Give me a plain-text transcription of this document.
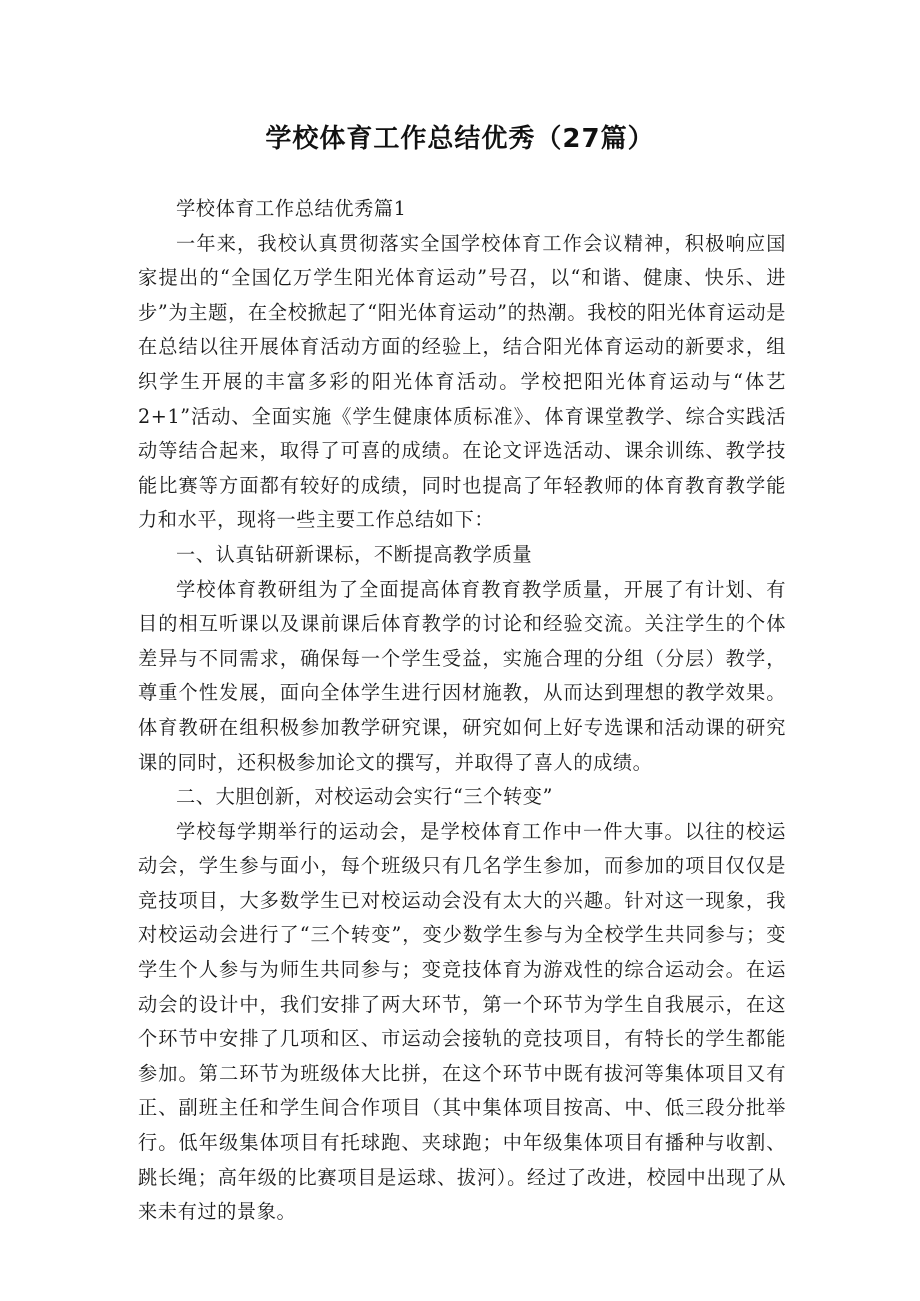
学校体育工作总结优秀（27篇）

学校体育工作总结优秀篇1

一年来，我校认真贯彻落实全国学校体育工作会议精神，积极响应国家提出的“全国亿万学生阳光体育运动”号召，以“和谐、健康、快乐、进步”为主题，在全校掀起了“阳光体育运动”的热潮。我校的阳光体育运动是在总结以往开展体育活动方面的经验上，结合阳光体育运动的新要求，组织学生开展的丰富多彩的阳光体育活动。学校把阳光体育运动与“体艺2+1”活动、全面实施《学生健康体质标准》、体育课堂教学、综合实践活动等结合起来，取得了可喜的成绩。在论文评选活动、课余训练、教学技能比赛等方面都有较好的成绩，同时也提高了年轻教师的体育教育教学能力和水平，现将一些主要工作总结如下：

一、认真钻研新课标，不断提高教学质量

学校体育教研组为了全面提高体育教育教学质量，开展了有计划、有目的相互听课以及课前课后体育教学的讨论和经验交流。关注学生的个体差异与不同需求，确保每一个学生受益，实施合理的分组（分层）教学，尊重个性发展，面向全体学生进行因材施教，从而达到理想的教学效果。体育教研在组积极参加教学研究课，研究如何上好专选课和活动课的研究课的同时，还积极参加论文的撰写，并取得了喜人的成绩。

二、大胆创新，对校运动会实行“三个转变”

学校每学期举行的运动会，是学校体育工作中一件大事。以往的校运动会，学生参与面小，每个班级只有几名学生参加，而参加的项目仅仅是竞技项目，大多数学生已对校运动会没有太大的兴趣。针对这一现象，我对校运动会进行了“三个转变”，变少数学生参与为全校学生共同参与；变学生个人参与为师生共同参与；变竞技体育为游戏性的综合运动会。在运动会的设计中，我们安排了两大环节，第一个环节为学生自我展示，在这个环节中安排了几项和区、市运动会接轨的竞技项目，有特长的学生都能参加。第二环节为班级体大比拼，在这个环节中既有拔河等集体项目又有正、副班主任和学生间合作项目（其中集体项目按高、中、低三段分批举行。低年级集体项目有托球跑、夹球跑；中年级集体项目有播种与收割、跳长绳；高年级的比赛项目是运球、拔河）。经过了改进，校园中出现了从来未有过的景象。
